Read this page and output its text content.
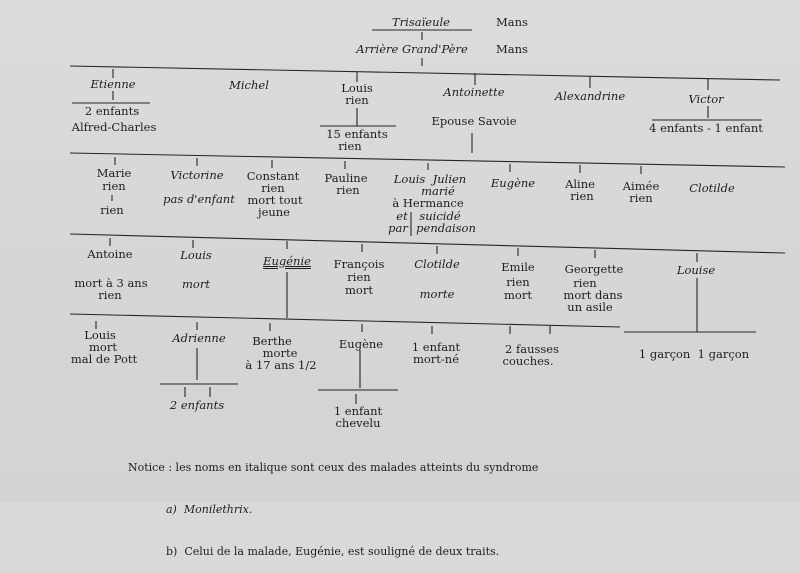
Trisaïeule	Mans
Arrière Grand'Père Mans
Etienne
2 enfants
Alfred-Charles
Michel	Louis
rien
15 enfants
rien
Antoinette
Epouse Savoie
Alexandrine	Victor
4 enfants - 1 enfant
Marie
rien
rien
Victorine
pas d'enfant
Constant
rien
mort tout
jeune
Pauline
rien
Louis  Julien
marié
à Hermance
et
par
suicidé
pendaison
Eugène	Aline
rien
Aimée
rien
Clotilde
Antoine
mort à 3 ans
rien
Louis
mort
Eugénie François
rien
mort
Clotilde
morte
Emile
rien
mort
Georgette
rien
mort dans
un asile
Louise
Louis
mort
mal de Pott
Adrienne
2 enfants
Berthe
morte
à 17 ans 1/2
Eugène
1 enfant
chevelu
1 enfant
mort-né
2 fausses
couches.	1 garçon  1 garçon

Notice : les noms en italique sont ceux des malades atteints du syndrome

a)  Monilethrix.

b)  Celui de la malade, Eugénie, est souligné de deux traits.
